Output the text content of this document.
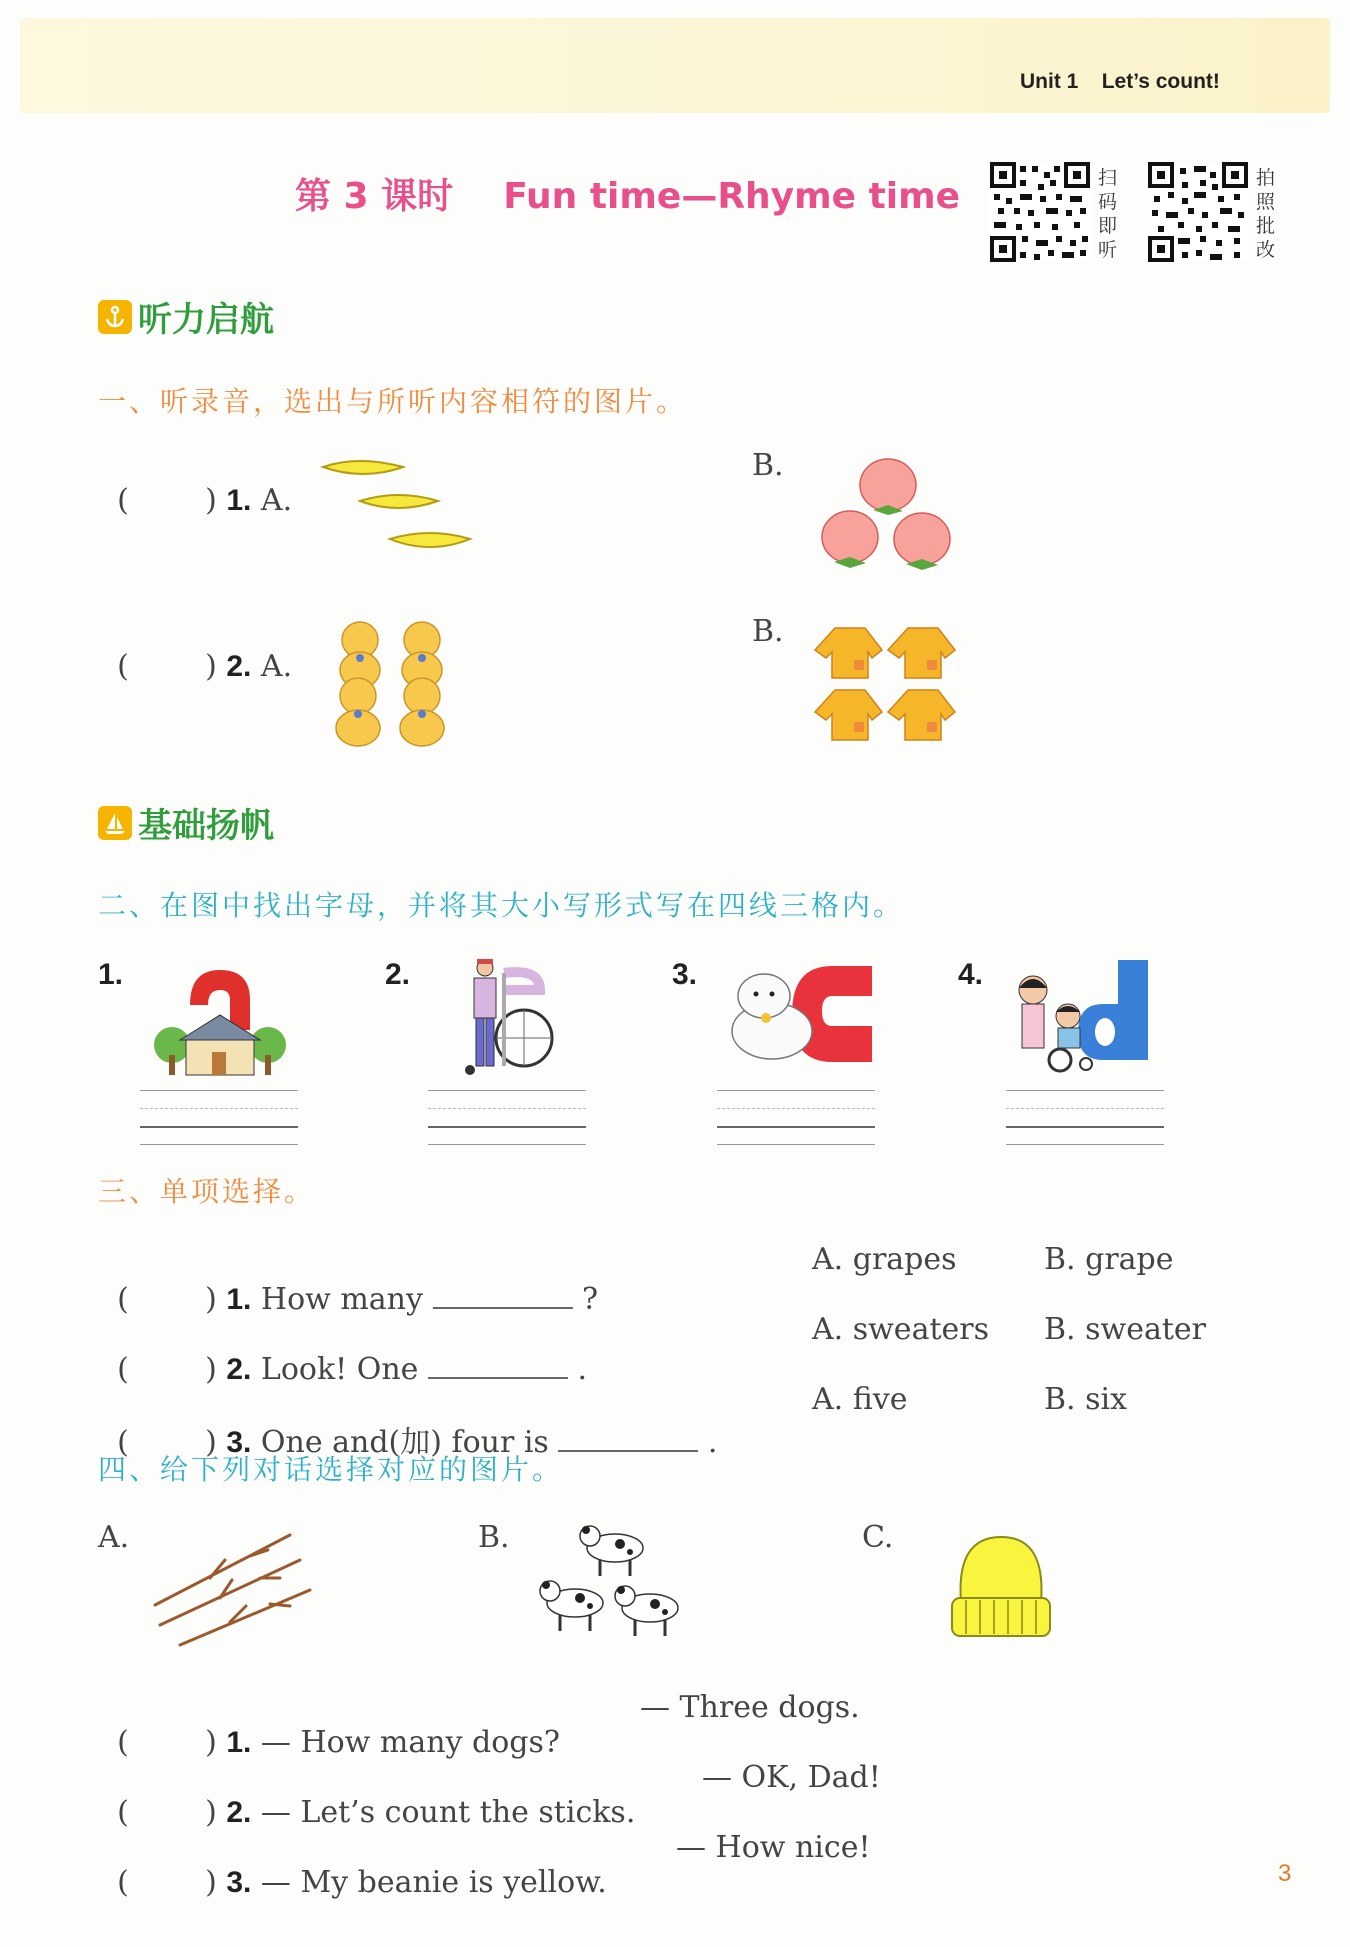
Unit 1 Let’s count!
第 3 课时    Fun time—Rhyme time	扫
码
即
听
拍
照
批
改
听力启航
一、听录音，选出与所听内容相符的图片。

(        ) 1. A.

B.

(        ) 2. A.

B.
基础扬帆
二、在图中找出字母，并将其大小写形式写在四线三格内。
1.	2.	3.	4.
三、单项选择。

(        ) 1. How many	?

A. grapes	B. grape

(        ) 2. Look! One	.

A. sweaters B. sweater

(        ) 3. One and(加) four is	.

A. five	B. six
四、给下列对话选择对应的图片。
A.	B.	C.

(        ) 1. — How many dogs?

— Three dogs.

(        ) 2. — Let’s count the sticks.

— OK, Dad!

(        ) 3. — My beanie is yellow.

— How nice!
3
